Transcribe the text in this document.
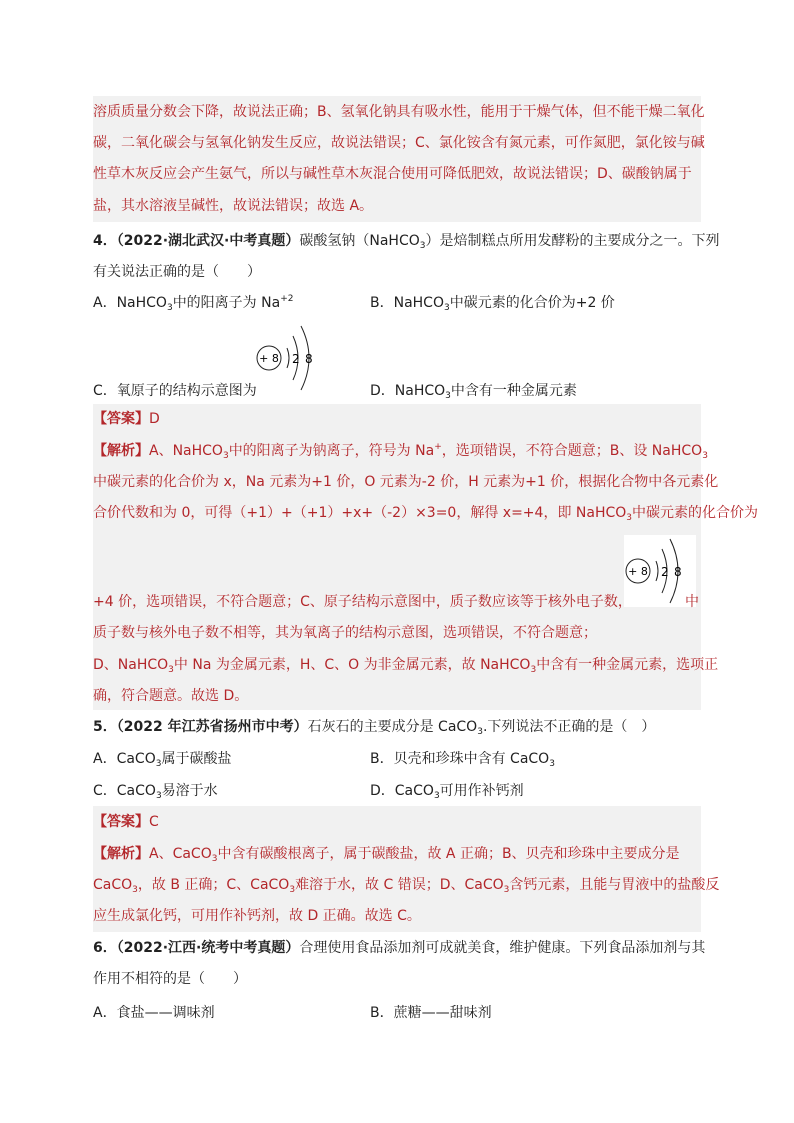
溶质质量分数会下降，故说法正确；B、氢氧化钠具有吸水性，能用于干燥气体，但不能干燥二氧化
碳，二氧化碳会与氢氧化钠发生反应，故说法错误；C、氯化铵含有氮元素，可作氮肥，氯化铵与碱
性草木灰反应会产生氨气，所以与碱性草木灰混合使用可降低肥效，故说法错误；D、碳酸钠属于
盐，其水溶液呈碱性，故说法错误；故选 A。
4．（2022·湖北武汉·中考真题）碳酸氢钠（NaHCO$_3$）是焙制糕点所用发酵粉的主要成分之一。下列
有关说法正确的是（　　）
A．NaHCO$_3$中的阳离子为 $Na^{+2}$	B．NaHCO$_3$中碳元素的化合价为+2 价
+ 8 2 8
C．氧原子的结构示意图为	D．NaHCO$_3$中含有一种金属元素
【答案】D
【解析】A、NaHCO$_3$中的阳离子为钠离子，符号为 Na+，选项错误，不符合题意；B、设 NaHCO$_3$
中碳元素的化合价为 x，Na 元素为+1 价，O 元素为-2 价，H 元素为+1 价，根据化合物中各元素化
合价代数和为 0，可得（+1）+（+1）+x+（-2）×3=0，解得 x=+4，即 NaHCO$_3$中碳元素的化合价为
+ 8 2 8
+4 价，选项错误，不符合题意；C、原子结构示意图中，质子数应该等于核外电子数，	中
质子数与核外电子数不相等，其为氧离子的结构示意图，选项错误，不符合题意；
D、NaHCO$_3$中 Na 为金属元素，H、C、O 为非金属元素，故 NaHCO$_3$中含有一种金属元素，选项正
确，符合题意。故选 D。
5．（2022 年江苏省扬州市中考）石灰石的主要成分是 CaCO$_3$.下列说法不正确的是（　）
A．CaCO$_3$属于碳酸盐	B．贝壳和珍珠中含有 CaCO$_3$
C．CaCO$_3$易溶于水	D．CaCO$_3$可用作补钙剂
【答案】C
【解析】A、CaCO$_3$中含有碳酸根离子，属于碳酸盐，故 A 正确；B、贝壳和珍珠中主要成分是
CaCO$_3$，故 B 正确；C、CaCO$_3$难溶于水，故 C 错误；D、CaCO$_3$含钙元素，且能与胃液中的盐酸反
应生成氯化钙，可用作补钙剂，故 D 正确。故选 C。
6．（2022·江西·统考中考真题）合理使用食品添加剂可成就美食，维护健康。下列食品添加剂与其
作用不相符的是（　　）
A．食盐——调味剂	B．蔗糖——甜味剂
